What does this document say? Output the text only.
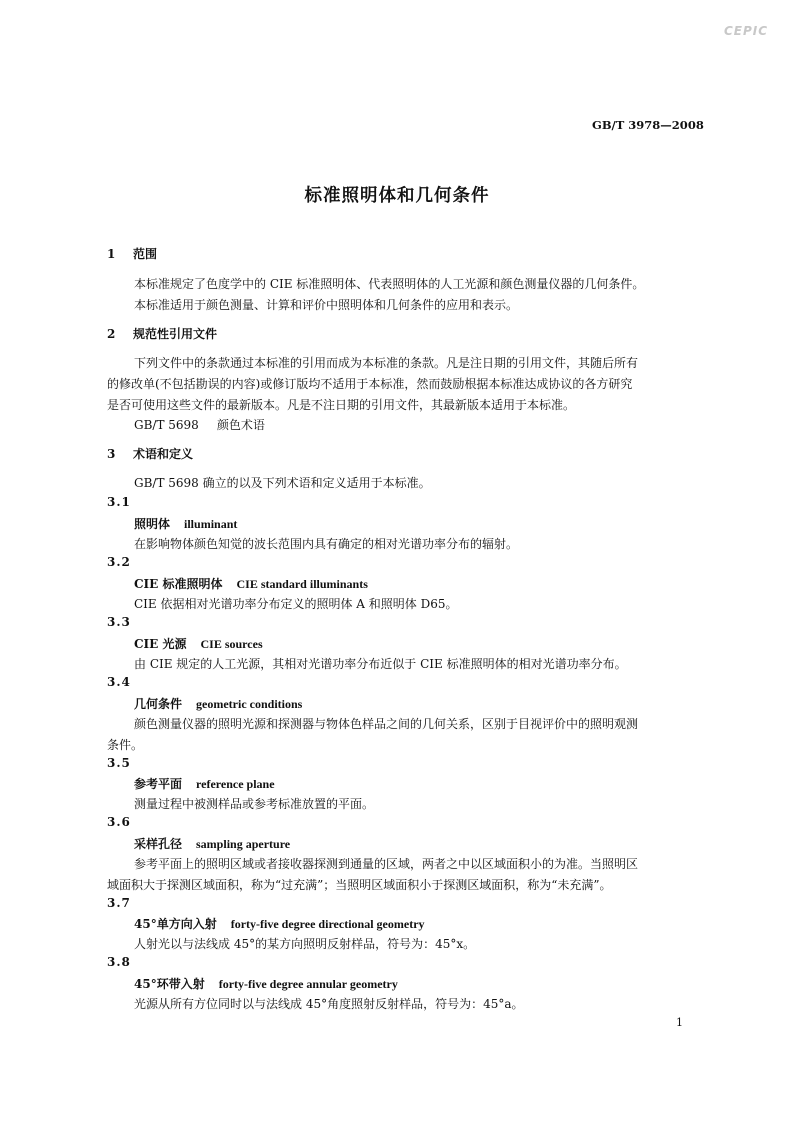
CEPIC
GB/T 3978—2008
标准照明体和几何条件
1 范围
本标准规定了色度学中的 CIE 标准照明体、代表照明体的人工光源和颜色测量仪器的几何条件。
本标准适用于颜色测量、计算和评价中照明体和几何条件的应用和表示。
2 规范性引用文件
下列文件中的条款通过本标准的引用而成为本标准的条款。凡是注日期的引用文件，其随后所有
的修改单(不包括勘误的内容)或修订版均不适用于本标准，然而鼓励根据本标准达成协议的各方研究
是否可使用这些文件的最新版本。凡是不注日期的引用文件，其最新版本适用于本标准。
GB/T 5698 颜色术语
3 术语和定义
GB/T 5698 确立的以及下列术语和定义适用于本标准。
3.1
照明体 illuminant
在影响物体颜色知觉的波长范围内具有确定的相对光谱功率分布的辐射。
3.2
CIE 标准照明体 CIE standard illuminants
CIE 依据相对光谱功率分布定义的照明体 A 和照明体 D65。
3.3
CIE 光源 CIE sources
由 CIE 规定的人工光源，其相对光谱功率分布近似于 CIE 标准照明体的相对光谱功率分布。
3.4
几何条件 geometric conditions
颜色测量仪器的照明光源和探测器与物体色样品之间的几何关系，区别于目视评价中的照明观测
条件。
3.5
参考平面 reference plane
测量过程中被测样品或参考标准放置的平面。
3.6
采样孔径 sampling aperture
参考平面上的照明区域或者接收器探测到通量的区域，两者之中以区域面积小的为准。当照明区
域面积大于探测区域面积，称为“过充满”；当照明区域面积小于探测区域面积，称为“未充满”。
3.7
45°单方向入射 forty-five degree directional geometry
人射光以与法线成 45°的某方向照明反射样品，符号为：45°x。
3.8
45°环带入射 forty-five degree annular geometry
光源从所有方位同时以与法线成 45°角度照射反射样品，符号为：45°a。
1
